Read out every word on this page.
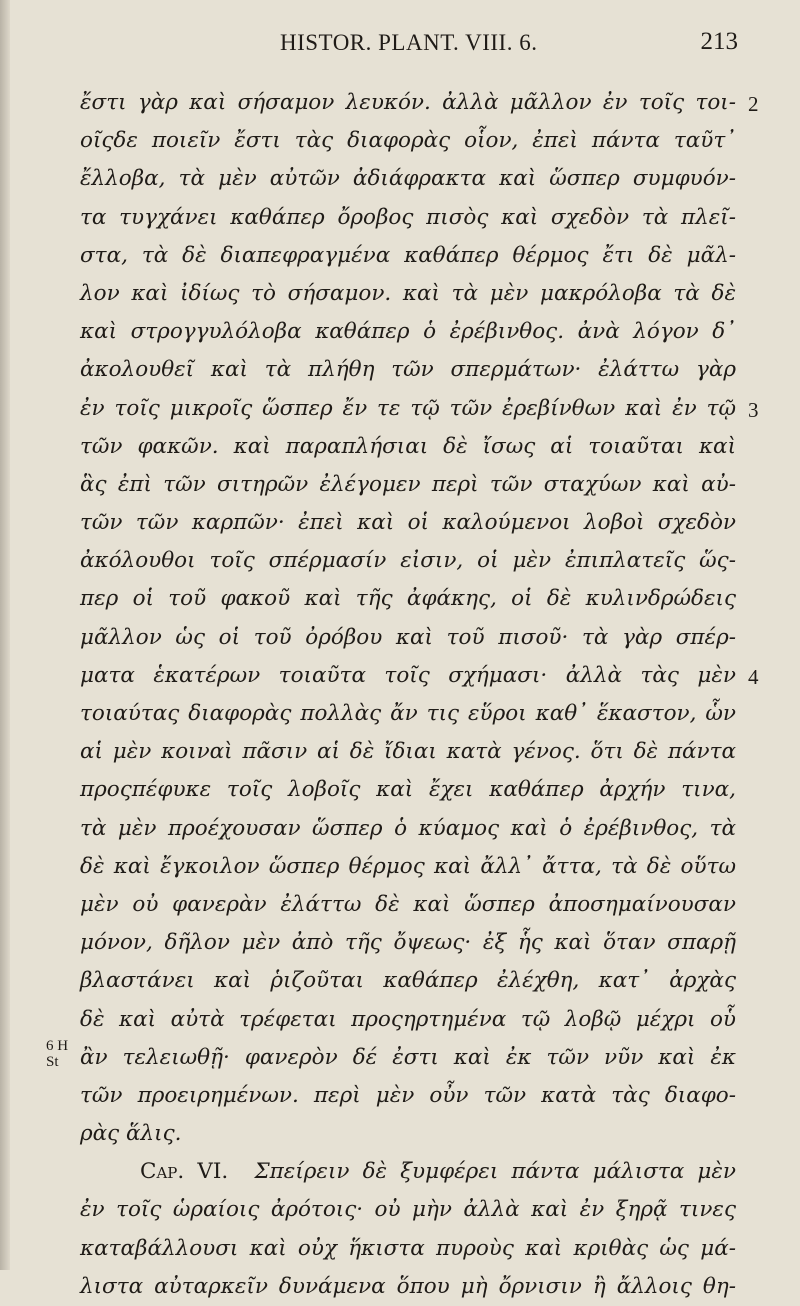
HISTOR. PLANT. VIII. 6.	213
2
3
4
6 H
St
ἔστι γὰρ καὶ σήσαμον λευκόν. ἀλλὰ μᾶλλον ἐν τοῖς τοι-
οῖςδε ποιεῖν ἔστι τὰς διαφορὰς οἷον, ἐπεὶ πάντα ταῦτ᾽
ἔλλοβα, τὰ μὲν αὐτῶν ἀδιάφρακτα καὶ ὥσπερ συμφυόν-
τα τυγχάνει καθάπερ ὄροβος πισὸς καὶ σχεδὸν τὰ πλεῖ-
στα, τὰ δὲ διαπεφραγμένα καθάπερ θέρμος ἔτι δὲ μᾶλ-
λον καὶ ἰδίως τὸ σήσαμον. καὶ τὰ μὲν μακρόλοβα τὰ δὲ
καὶ στρογγυλόλοβα καθάπερ ὁ ἐρέβινθος. ἀνὰ λόγον δ᾽
ἀκολουθεῖ καὶ τὰ πλήθη τῶν σπερμάτων· ἐλάττω γὰρ
ἐν τοῖς μικροῖς ὥσπερ ἔν τε τῷ τῶν ἐρεβίνθων καὶ ἐν τῷ
τῶν φακῶν. καὶ παραπλήσιαι δὲ ἴσως αἱ τοιαῦται καὶ
ἃς ἐπὶ τῶν σιτηρῶν ἐλέγομεν περὶ τῶν σταχύων καὶ αὐ-
τῶν τῶν καρπῶν· ἐπεὶ καὶ οἱ καλούμενοι λοβοὶ σχεδὸν
ἀκόλουθοι τοῖς σπέρμασίν εἰσιν, οἱ μὲν ἐπιπλατεῖς ὥς-
περ οἱ τοῦ φακοῦ καὶ τῆς ἀφάκης, οἱ δὲ κυλινδρώδεις
μᾶλλον ὡς οἱ τοῦ ὀρόβου καὶ τοῦ πισοῦ· τὰ γὰρ σπέρ-
ματα ἑκατέρων τοιαῦτα τοῖς σχήμασι· ἀλλὰ τὰς μὲν
τοιαύτας διαφορὰς πολλὰς ἄν τις εὕροι καθ᾽ ἕκαστον, ὧν
αἱ μὲν κοιναὶ πᾶσιν αἱ δὲ ἴδιαι κατὰ γένος. ὅτι δὲ πάντα
προςπέφυκε τοῖς λοβοῖς καὶ ἔχει καθάπερ ἀρχήν τινα,
τὰ μὲν προέχουσαν ὥσπερ ὁ κύαμος καὶ ὁ ἐρέβινθος, τὰ
δὲ καὶ ἔγκοιλον ὥσπερ θέρμος καὶ ἄλλ᾽ ἄττα, τὰ δὲ οὕτω
μὲν οὐ φανερὰν ἐλάττω δὲ καὶ ὥσπερ ἀποσημαίνουσαν
μόνον, δῆλον μὲν ἀπὸ τῆς ὄψεως· ἐξ ἧς καὶ ὅταν σπαρῇ
βλαστάνει καὶ ῥιζοῦται καθάπερ ἐλέχθη, κατ᾽ ἀρχὰς
δὲ καὶ αὐτὰ τρέφεται προςηρτημένα τῷ λοβῷ μέχρι οὗ
ἂν τελειωθῇ· φανερὸν δέ ἐστι καὶ ἐκ τῶν νῦν καὶ ἐκ
τῶν προειρημένων. περὶ μὲν οὖν τῶν κατὰ τὰς διαφο-
ρὰς ἅλις.
Cap. VI. Σπείρειν δὲ ξυμφέρει πάντα μάλιστα μὲν
ἐν τοῖς ὡραίοις ἀρότοις· οὐ μὴν ἀλλὰ καὶ ἐν ξηρᾷ τινες
καταβάλλουσι καὶ οὐχ ἥκιστα πυροὺς καὶ κριθὰς ὡς μά-
λιστα αὐταρκεῖν δυνάμενα ὅπου μὴ ὄρνισιν ἢ ἄλλοις θη-
